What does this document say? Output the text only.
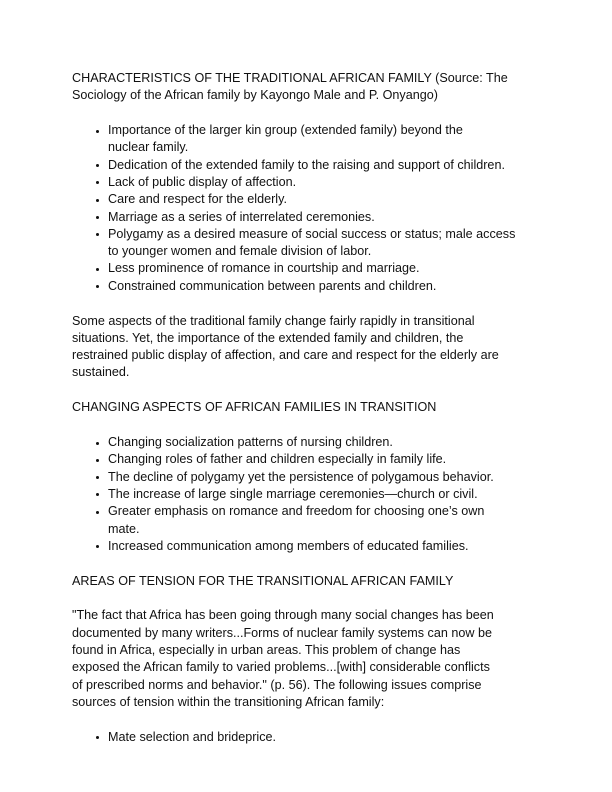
CHARACTERISTICS OF THE TRADITIONAL AFRICAN FAMILY (Source: The
Sociology of the African family by Kayongo Male and P. Onyango)
Importance of the larger kin group (extended family) beyond the
nuclear family.
Dedication of the extended family to the raising and support of children.
Lack of public display of affection.
Care and respect for the elderly.
Marriage as a series of interrelated ceremonies.
Polygamy as a desired measure of social success or status; male access
to younger women and female division of labor.
Less prominence of romance in courtship and marriage.
Constrained communication between parents and children.
Some aspects of the traditional family change fairly rapidly in transitional
situations. Yet, the importance of the extended family and children, the
restrained public display of affection, and care and respect for the elderly are
sustained.
CHANGING ASPECTS OF AFRICAN FAMILIES IN TRANSITION
Changing socialization patterns of nursing children.
Changing roles of father and children especially in family life.
The decline of polygamy yet the persistence of polygamous behavior.
The increase of large single marriage ceremonies—church or civil.
Greater emphasis on romance and freedom for choosing one’s own
mate.
Increased communication among members of educated families.
AREAS OF TENSION FOR THE TRANSITIONAL AFRICAN FAMILY
"The fact that Africa has been going through many social changes has been
documented by many writers...Forms of nuclear family systems can now be
found in Africa, especially in urban areas. This problem of change has
exposed the African family to varied problems...[with] considerable conflicts
of prescribed norms and behavior." (p. 56). The following issues comprise
sources of tension within the transitioning African family:
Mate selection and brideprice.
